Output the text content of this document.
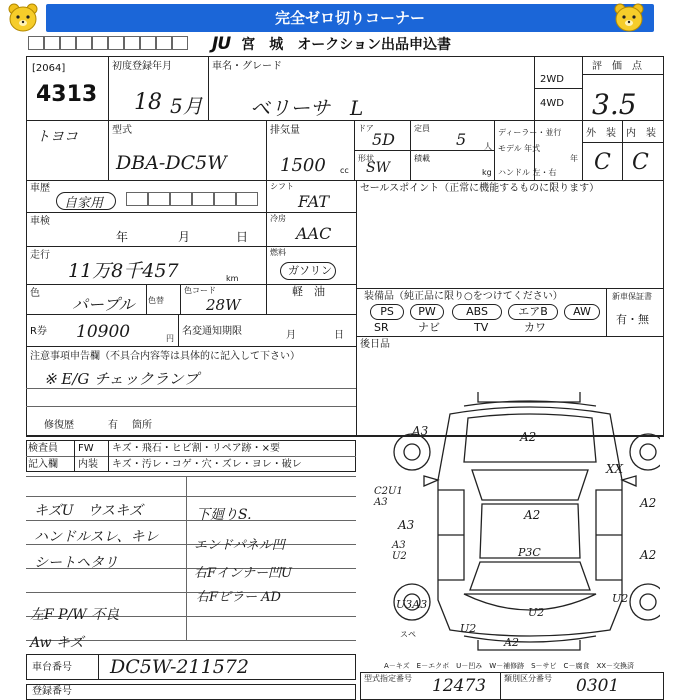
完全ゼロ切りコーナー
JU 宮　城　オークション出品申込書
[2064]
4313
初度登録年月
18 5月
車名・グレード
ベリーサ　L
2WD
4WD
評　価　点
3.5
型式
DBA-DC5W
排気量
1500 cc
ドア
5D
定員
5 人
形状
SW
積載
kg
ディーラー・並行
モデル 年式
年
ハンドル 左・右
外　装 内　装
C C
トヨコ
車歴
自家用
シフト
FAT
セールスポイント（正常に機能するものに限ります）
車検
年	月	日
冷房
AAC
走行
11万8千457	km
燃料
ガソリン
軽　油
色
パープル 色替
色コード
28W
R券 10900	円
名変通知期限	月	日
装備品（純正品に限り○をつけてください）	新車保証書
PS	PW	ABS	エアB	AW
SR	ナビ	TV	カワ
有・無
後日品
注意事項申告欄（不具合内容等は具体的に記入して下さい）
※ E/G チェックランプ
修復歴	有 箇所
検査員
記入欄
FW
内装
キズ・飛石・ヒビ割・リペア跡・×要
キズ・汚レ・コゲ・穴・ズレ・ヨレ・破レ
キズU　ウスキズ
ハンドルスレ、キレ
シートヘタリ
左F P/W 不良
Aw キズ
下廻りS.
エンドパネル凹
右Fインナー凹U
右Fピラー AD
A3	A2
XX
C2U1 A3
A3
A2
A3 U2	P3C
A2
A2
U3A3
U2
U2
U2
A2
スペ
A－キズ　E－エクボ　U－凹み　W－補修跡　S－サビ　C－腐食　XX－交換済
車台番号 DC5W-211572
型式指定番号 12473 類別区分番号 0301
登録番号
